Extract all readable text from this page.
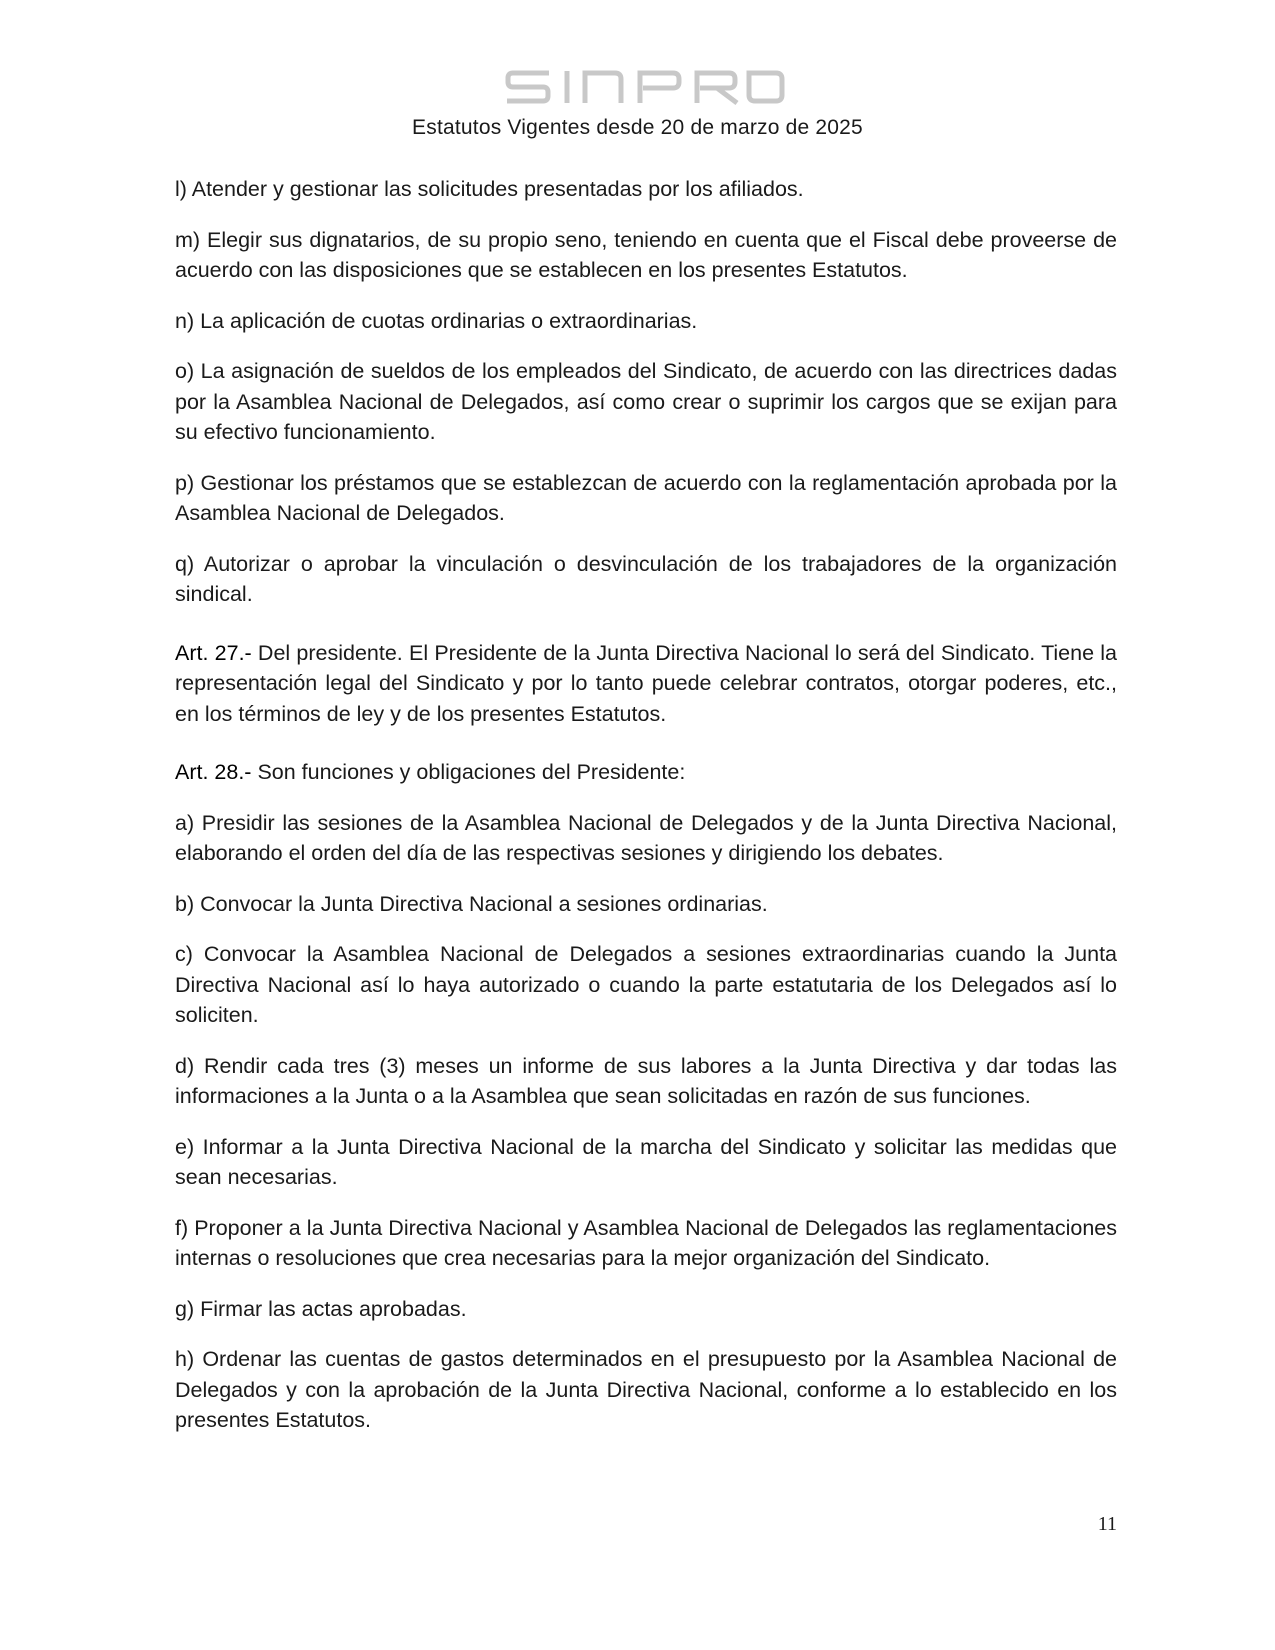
Estatutos Vigentes desde 20 de marzo de 2025

l) Atender y gestionar las solicitudes presentadas por los afiliados.

m) Elegir sus dignatarios, de su propio seno, teniendo en cuenta que el Fiscal debe proveerse de acuerdo con las disposiciones que se establecen en los presentes Estatutos.

n) La aplicación de cuotas ordinarias o extraordinarias.

o) La asignación de sueldos de los empleados del Sindicato, de acuerdo con las directrices dadas por la Asamblea Nacional de Delegados, así como crear o suprimir los cargos que se exijan para su efectivo funcionamiento.

p) Gestionar los préstamos que se establezcan de acuerdo con la reglamentación aprobada por la Asamblea Nacional de Delegados.

q) Autorizar o aprobar la vinculación o desvinculación de los trabajadores de la organización sindical.

Art. 27.- Del presidente. El Presidente de la Junta Directiva Nacional lo será del Sindicato. Tiene la representación legal del Sindicato y por lo tanto puede celebrar contratos, otorgar poderes, etc., en los términos de ley y de los presentes Estatutos.

Art. 28.- Son funciones y obligaciones del Presidente:

a) Presidir las sesiones de la Asamblea Nacional de Delegados y de la Junta Directiva Nacional, elaborando el orden del día de las respectivas sesiones y dirigiendo los debates.

b) Convocar la Junta Directiva Nacional a sesiones ordinarias.

c) Convocar la Asamblea Nacional de Delegados a sesiones extraordinarias cuando la Junta Directiva Nacional así lo haya autorizado o cuando la parte estatutaria de los Delegados así lo soliciten.

d) Rendir cada tres (3) meses un informe de sus labores a la Junta Directiva y dar todas las informaciones a la Junta o a la Asamblea que sean solicitadas en razón de sus funciones.

e) Informar a la Junta Directiva Nacional de la marcha del Sindicato y solicitar las medidas que sean necesarias.

f) Proponer a la Junta Directiva Nacional y Asamblea Nacional de Delegados las reglamentaciones internas o resoluciones que crea necesarias para la mejor organización del Sindicato.

g) Firmar las actas aprobadas.

h) Ordenar las cuentas de gastos determinados en el presupuesto por la Asamblea Nacional de Delegados y con la aprobación de la Junta Directiva Nacional, conforme a lo establecido en los presentes Estatutos.

11
